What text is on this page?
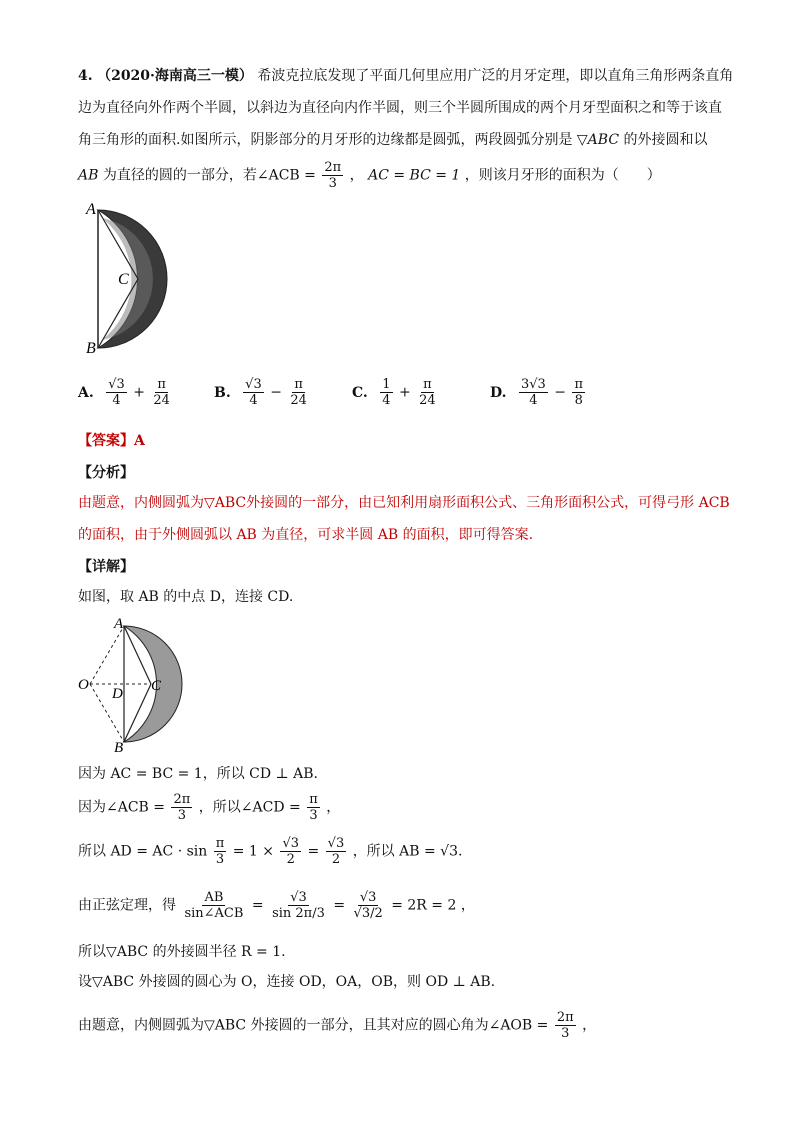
4. （2020·海南高三一模） 希波克拉底发现了平面几何里应用广泛的月牙定理，即以直角三角形两条直角
边为直径向外作两个半圆，以斜边为直径向内作半圆，则三个半圆所围成的两个月牙型面积之和等于该直
角三角形的面积.如图所示，阴影部分的月牙形的边缘都是圆弧，两段圆弧分别是 ▽ABC 的外接圆和以
AB 为直径的圆的一部分，若∠ACB = $\frac{2\pi}{3}$ ， AC = BC = 1 ，则该月牙形的面积为（　　）
A
B
C
A. $\frac{√3}{4} + \frac{\pi}{24}$	B. $\frac{√3}{4} - \frac{\pi}{24}$	C. $\frac{1}{4} + \frac{\pi}{24}$	D. $\frac{3√3}{4} - \frac{\pi}{8}$
【答案】A
【分析】
由题意，内侧圆弧为▽ABC外接圆的一部分，由已知利用扇形面积公式、三角形面积公式，可得弓形 ACB
的面积，由于外侧圆弧以 AB 为直径，可求半圆 AB 的面积，即可得答案.
【详解】
如图，取 AB 的中点 D，连接 CD.
A
B
C
D
O
因为 AC = BC = 1，所以 CD ⊥ AB.
因为∠ACB = $\frac{2\pi}{3}$ ，所以∠ACD = $\frac{\pi}{3}$ ，
所以 AD = AC · $\sin \frac{\pi}{3} = 1 \times \frac{√3}{2} = \frac{√3}{2}$ ，所以 AB = √3.
由正弦定理，得 $\frac{AB}{\text{sin∠ACB}} = \frac{√3}{\sin 2\pi/3} = \frac{√3}{√3/2} = 2R = 2$ ，
所以▽ABC 的外接圆半径 R = 1.
设▽ABC 外接圆的圆心为 O，连接 OD，OA，OB，则 OD ⊥ AB.
由题意，内侧圆弧为▽ABC 外接圆的一部分，且其对应的圆心角为∠AOB = $\frac{2\pi}{3}$ ，
